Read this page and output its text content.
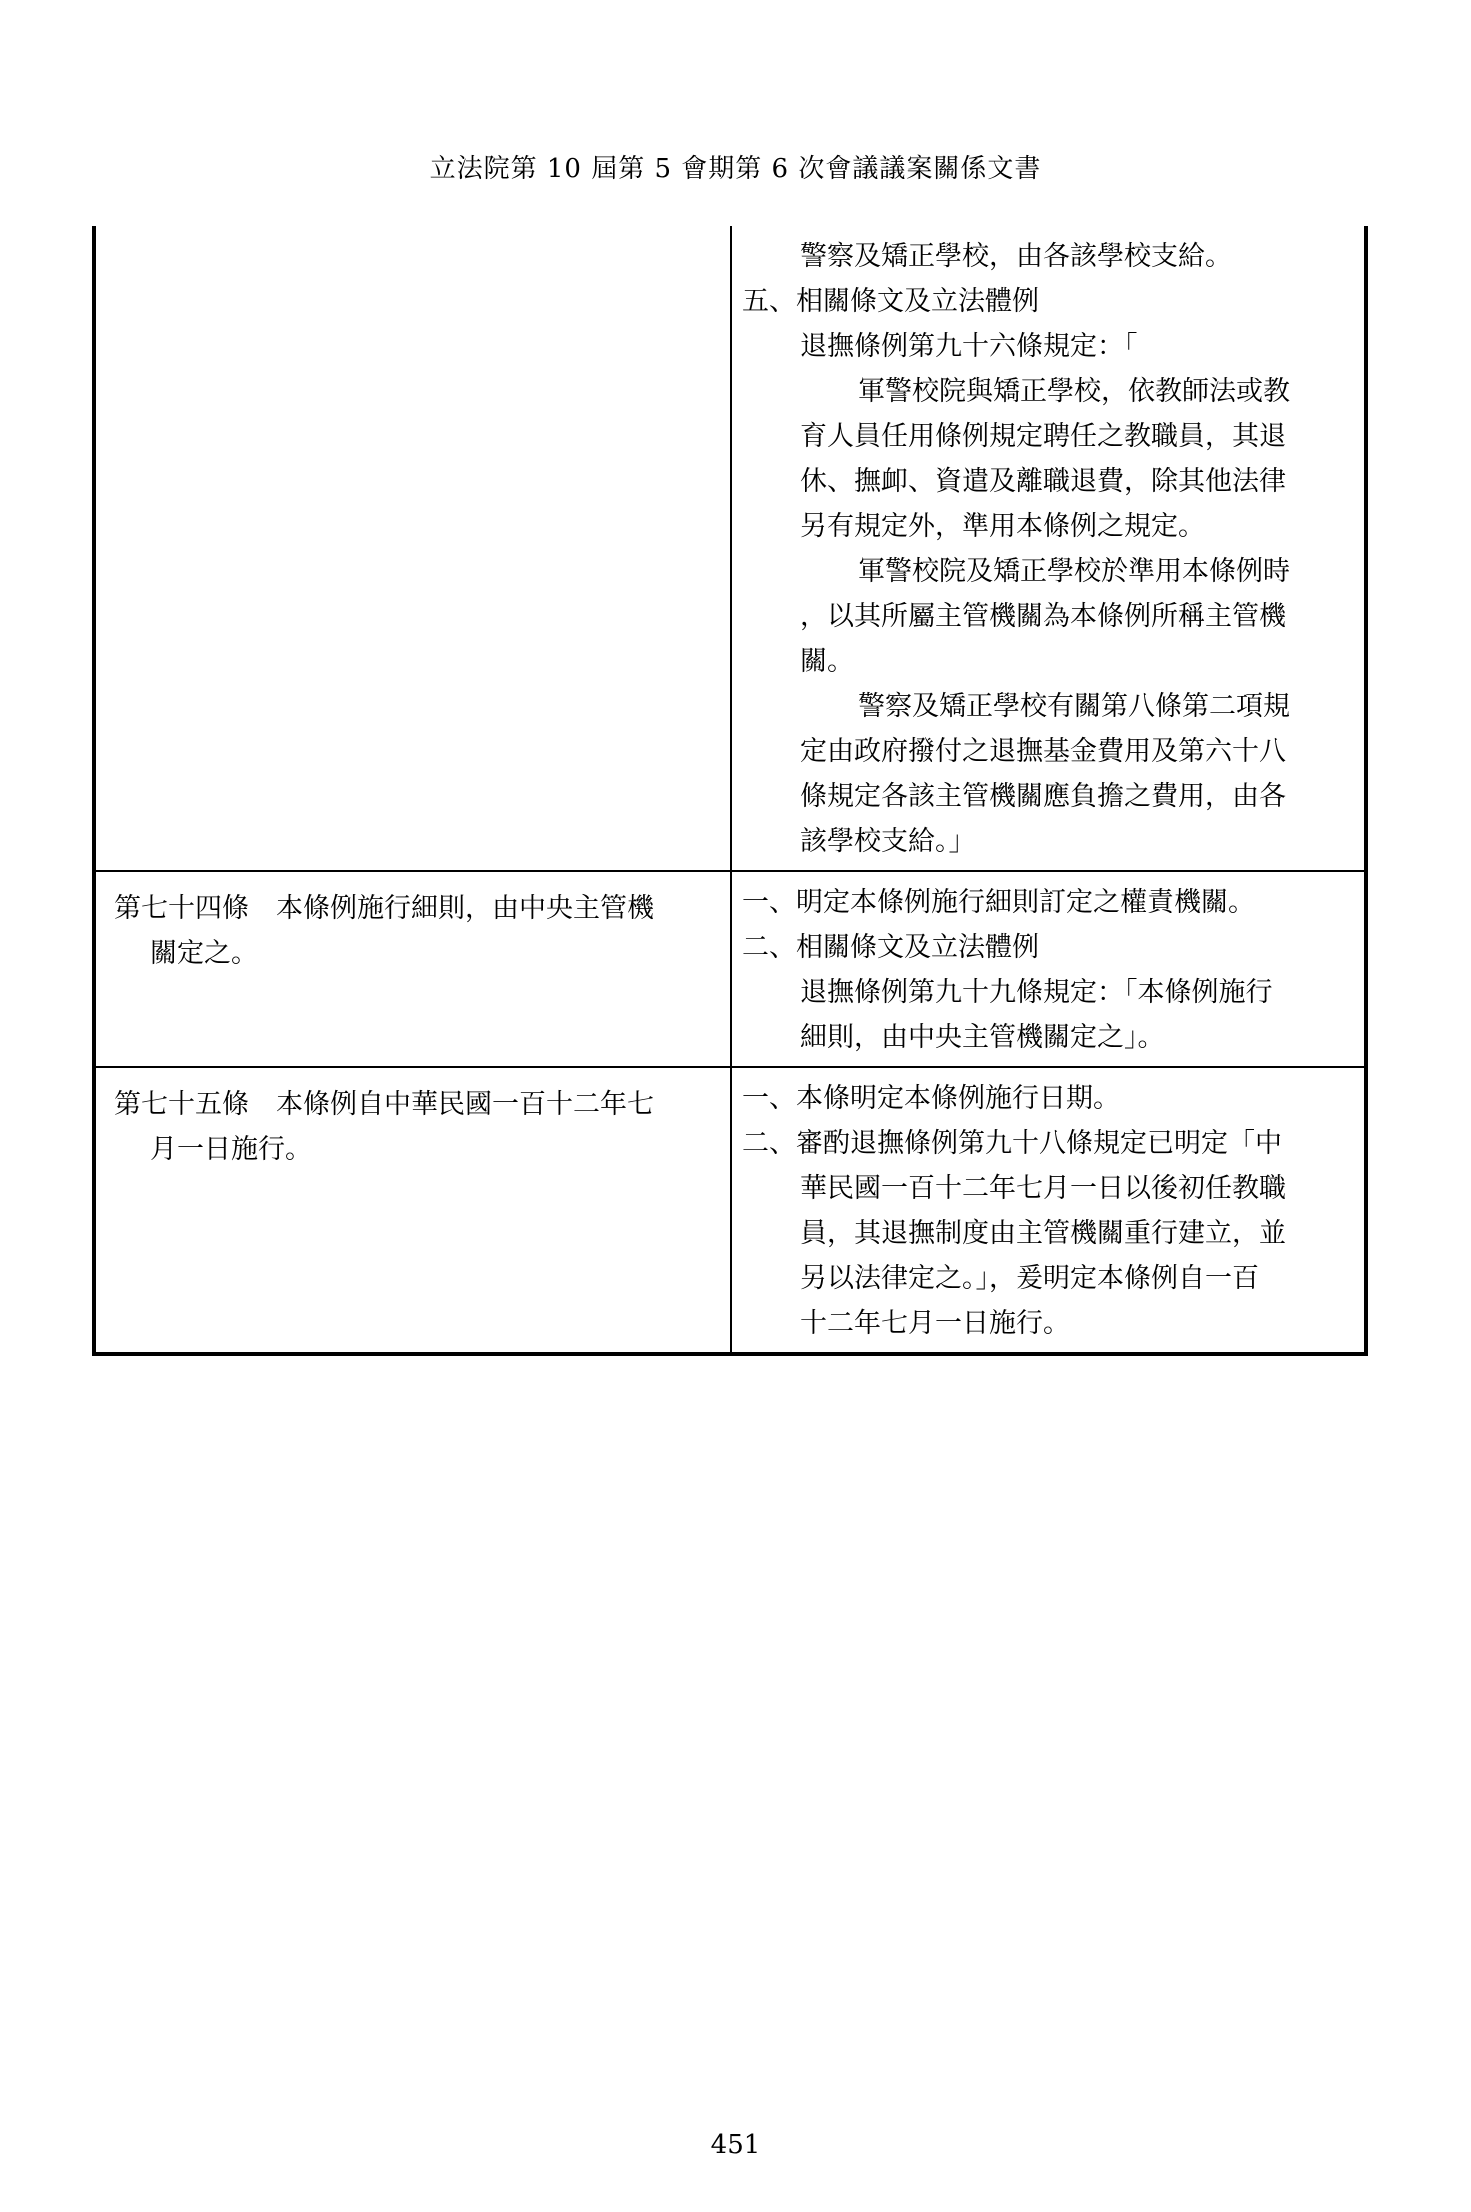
立法院第 10 屆第 5 會期第 6 次會議議案關係文書
警察及矯正學校，由各該學校支給。
五、相關條文及立法體例
退撫條例第九十六條規定：「
軍警校院與矯正學校，依教師法或教
育人員任用條例規定聘任之教職員，其退
休、撫卹、資遣及離職退費，除其他法律
另有規定外，準用本條例之規定。
軍警校院及矯正學校於準用本條例時
，以其所屬主管機關為本條例所稱主管機
關。
警察及矯正學校有關第八條第二項規
定由政府撥付之退撫基金費用及第六十八
條規定各該主管機關應負擔之費用，由各
該學校支給。」
第七十四條　本條例施行細則，由中央主管機
關定之。
一、明定本條例施行細則訂定之權責機關。
二、相關條文及立法體例
退撫條例第九十九條規定：「本條例施行
細則，由中央主管機關定之」。
第七十五條　本條例自中華民國一百十二年七
月一日施行。
一、本條明定本條例施行日期。
二、審酌退撫條例第九十八條規定已明定「中
華民國一百十二年七月一日以後初任教職
員，其退撫制度由主管機關重行建立，並
另以法律定之。」，爰明定本條例自一百
十二年七月一日施行。
451
